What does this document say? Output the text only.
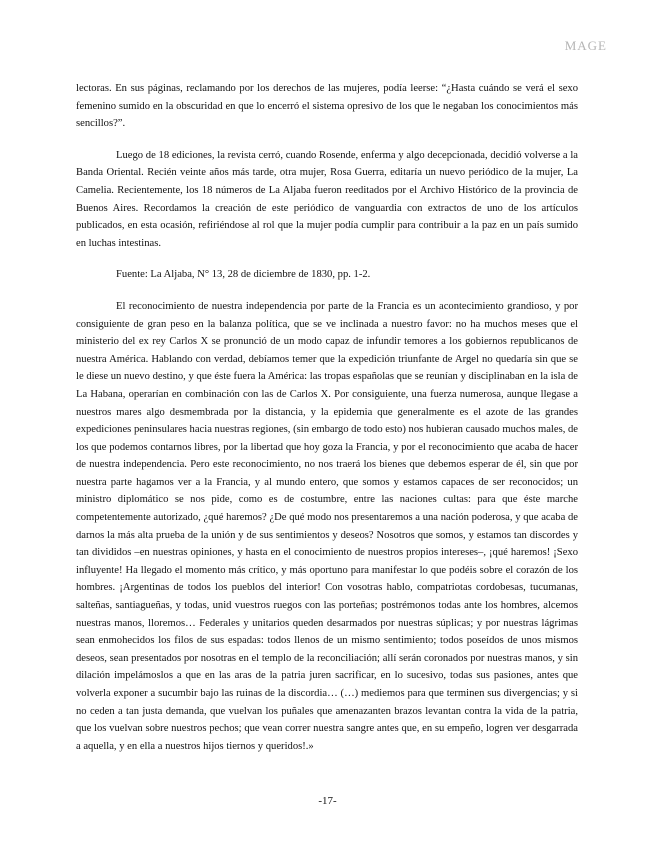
MAGE

lectoras. En sus páginas, reclamando por los derechos de las mujeres, podía leerse: “¿Hasta cuándo se verá el sexo femenino sumido en la obscuridad en que lo encerró el sistema opresivo de los que le negaban los conocimientos más sencillos?”.

Luego de 18 ediciones, la revista cerró, cuando Rosende, enferma y algo decepcionada, decidió volverse a la Banda Oriental. Recién veinte años más tarde, otra mujer, Rosa Guerra, editaría un nuevo periódico de la mujer, La Camelia. Recientemente, los 18 números de La Aljaba fueron reeditados por el Archivo Histórico de la provincia de Buenos Aires. Recordamos la creación de este periódico de vanguardia con extractos de uno de los artículos publicados, en esta ocasión, refiriéndose al rol que la mujer podía cumplir para contribuir a la paz en un país sumido en luchas intestinas.

Fuente: La Aljaba, N° 13, 28 de diciembre de 1830, pp. 1-2.

El reconocimiento de nuestra independencia por parte de la Francia es un acontecimiento grandioso, y por consiguiente de gran peso en la balanza política, que se ve inclinada a nuestro favor: no ha muchos meses que el ministerio del ex rey Carlos X se pronunció de un modo capaz de infundir temores a los gobiernos republicanos de nuestra América. Hablando con verdad, debíamos temer que la expedición triunfante de Argel no quedaría sin que se le diese un nuevo destino, y que éste fuera la América: las tropas españolas que se reunían y disciplinaban en la isla de La Habana, operarían en combinación con las de Carlos X. Por consiguiente, una fuerza numerosa, aunque llegase a nuestros mares algo desmembrada por la distancia, y la epidemia que generalmente es el azote de las grandes expediciones peninsulares hacia nuestras regiones, (sin embargo de todo esto) nos hubieran causado muchos males, de los que podemos contarnos libres, por la libertad que hoy goza la Francia, y por el reconocimiento que acaba de hacer de nuestra independencia. Pero este reconocimiento, no nos traerá los bienes que debemos esperar de él, sin que por nuestra parte hagamos ver a la Francia, y al mundo entero, que somos y estamos capaces de ser reconocidos; un ministro diplomático se nos pide, como es de costumbre, entre las naciones cultas: para que éste marche competentemente autorizado, ¿qué haremos? ¿De qué modo nos presentaremos a una nación poderosa, y que acaba de darnos la más alta prueba de la unión y de sus sentimientos y deseos? Nosotros que somos, y estamos tan discordes y tan divididos –en nuestras opiniones, y hasta en el conocimiento de nuestros propios intereses–, ¡qué haremos! ¡Sexo influyente! Ha llegado el momento más crítico, y más oportuno para manifestar lo que podéis sobre el corazón de los hombres. ¡Argentinas de todos los pueblos del interior! Con vosotras hablo, compatriotas cordobesas, tucumanas, salteñas, santiagueñas, y todas, unid vuestros ruegos con las porteñas; postrémonos todas ante los hombres, alcemos nuestras manos, lloremos… Federales y unitarios queden desarmados por nuestras súplicas; y por nuestras lágrimas sean enmohecidos los filos de sus espadas: todos llenos de un mismo sentimiento; todos poseídos de unos mismos deseos, sean presentados por nosotras en el templo de la reconciliación; allí serán coronados por nuestras manos, y sin dilación impelámoslos a que en las aras de la patria juren sacrificar, en lo sucesivo, todas sus pasiones, antes que volverla exponer a sucumbir bajo las ruinas de la discordia… (…) mediemos para que terminen sus divergencias; y si no ceden a tan justa demanda, que vuelvan los puñales que amenazanten brazos levantan contra la vida de la patria, que los vuelvan sobre nuestros pechos; que vean correr nuestra sangre antes que, en su empeño, logren ver desgarrada a aquella, y en ella a nuestros hijos tiernos y queridos!.»

-17-
